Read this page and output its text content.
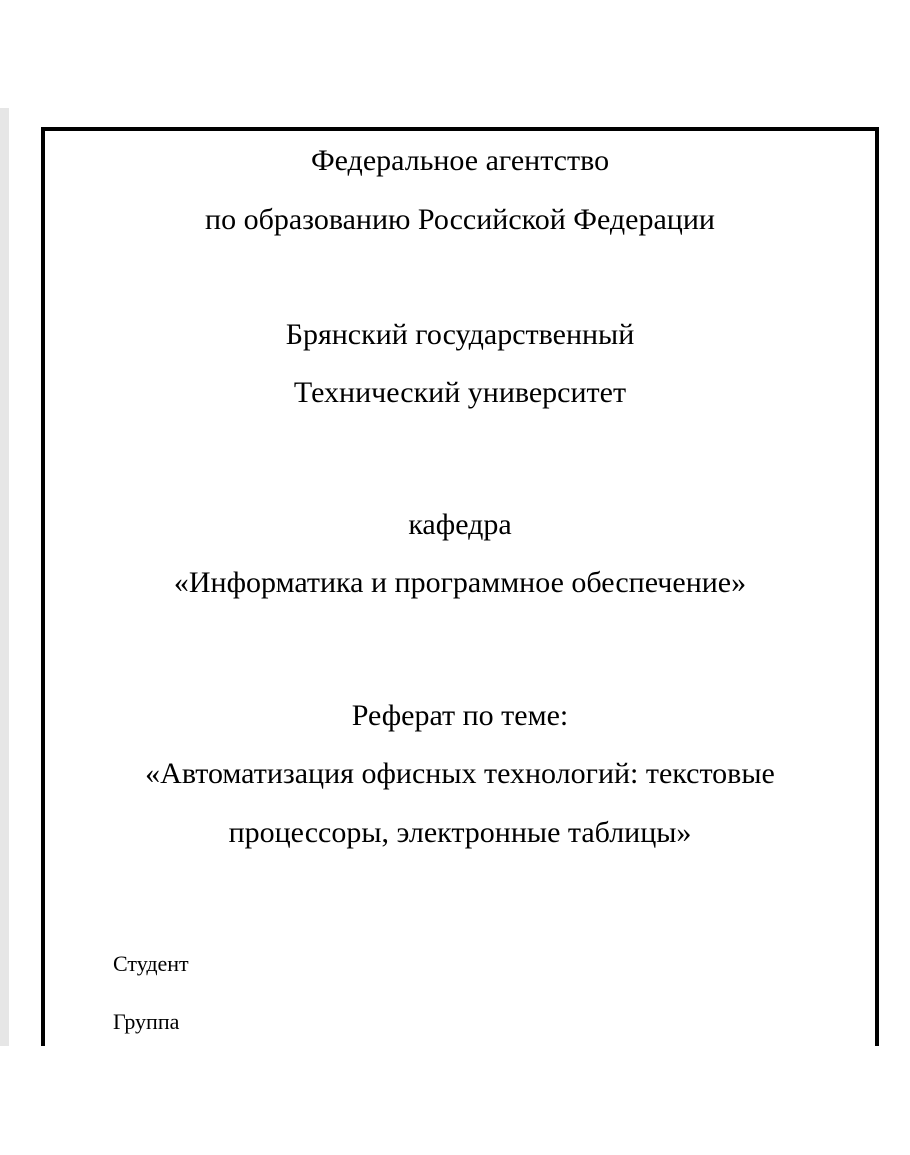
Федеральное агентство
по образованию Российской Федерации
Брянский государственный
Технический университет
кафедра
«Информатика и программное обеспечение»
Реферат по теме:
«Автоматизация офисных технологий: текстовые
процессоры, электронные таблицы»
Студент
Группа
